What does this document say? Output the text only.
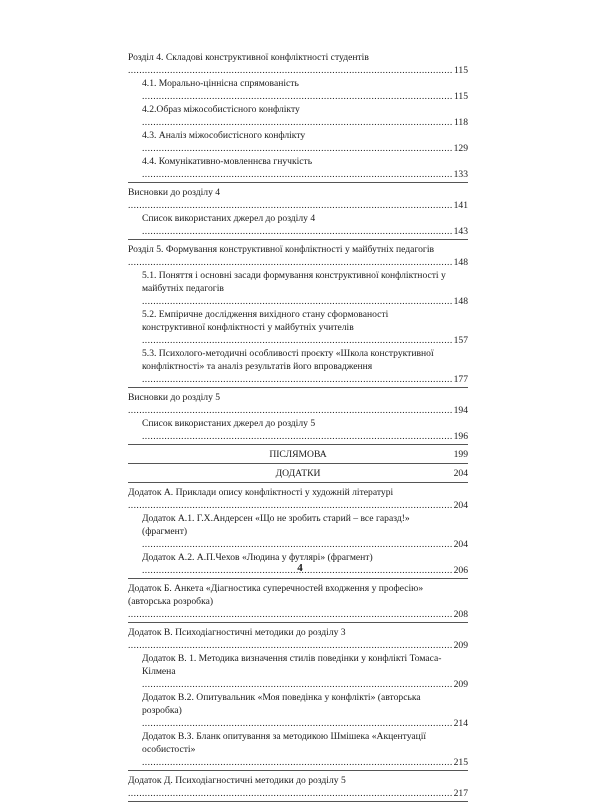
Розділ 4. Складові конструктивної конфліктності студентів .....
115
4.1. Морально-ціннісна спрямованість .....
115
4.2.Образ міжособистісного конфлікту .....
118
4.3. Аналіз міжособистісного конфлікту .....
129
4.4. Комунікативно-мовленнєва гнучкість .....
133
Висновки до розділу 4 .....
141
Список використаних джерел до розділу 4 .....
143
Розділ 5. Формування конструктивної конфліктності у майбутніх педагогів .....
148
5.1. Поняття і основні засади формування конструктивної конфліктності у майбутніх педагогів .....
148
5.2. Емпіричне дослідження вихідного стану сформованості конструктивної конфліктності у майбутніх учителів .....
157
5.3. Психолого-методичні особливості проєкту «Школа конструктивної конфліктності» та аналіз результатів його впровадження .....
177
Висновки до розділу 5 .....
194
Список використаних джерел до розділу 5 .....
196
ПІСЛЯМОВА	199
ДОДАТКИ	204
Додаток А. Приклади опису конфліктності у художній літературі .....
204
Додаток А.1. Г.Х.Андерсен «Що не зробить старий – все гаразд!» (фрагмент) .....
204
Додаток А.2. А.П.Чехов «Людина у футлярі» (фрагмент) .....
206
Додаток Б. Анкета «Діагностика суперечностей входження у професію» (авторська розробка) .....
208
Додаток В. Психодіагностичні методики до розділу 3 .....
209
Додаток В. 1. Методика визначення стилів поведінки у конфлікті Томаса-Кілмена .....
209
Додаток В.2. Опитувальник «Моя поведінка у конфлікті» (авторська розробка) .....
214
Додаток В.З. Бланк опитування за методикою Шмішека «Акцентуації особистості» .....
215
Додаток Д. Психодіагностичні методики до розділу 5 .....
217
4
